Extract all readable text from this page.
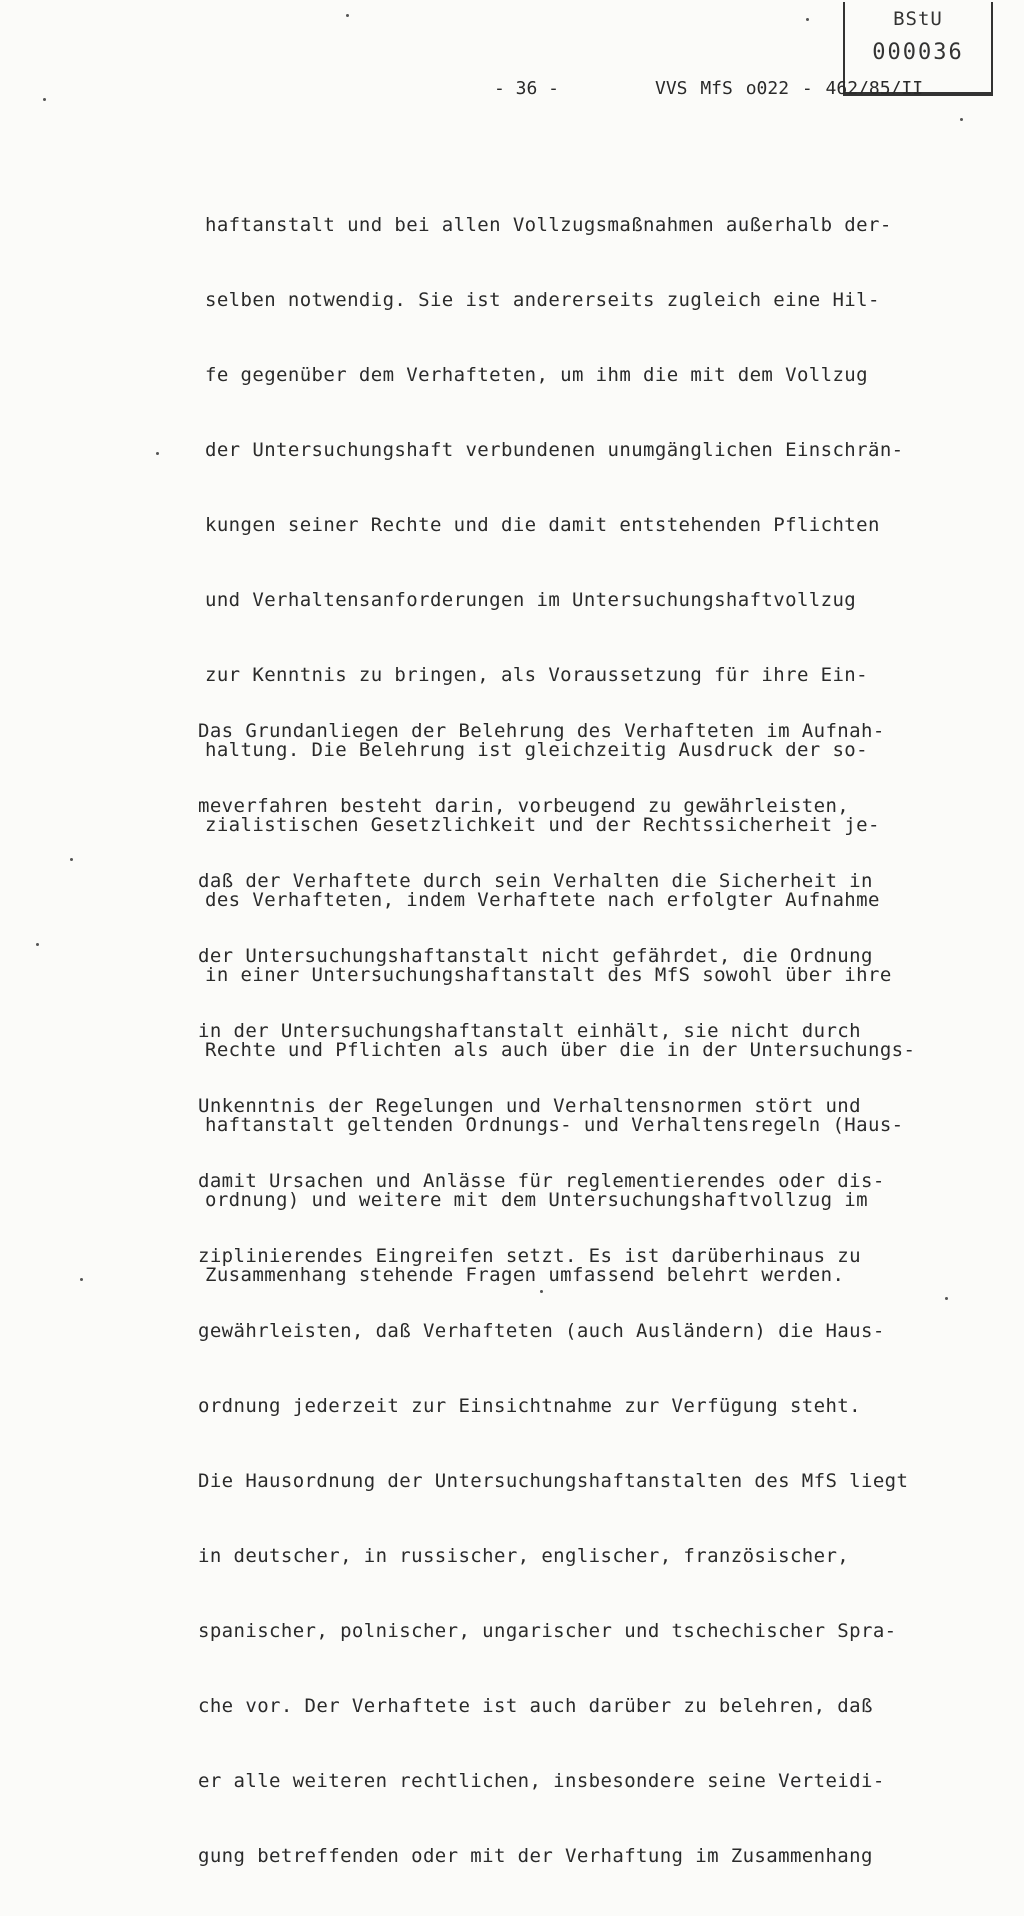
BStU
000036
- 36 -	VVS MfS o022 - 462/85/II

haftanstalt und bei allen Vollzugsmaßnahmen außerhalb der-

selben notwendig. Sie ist andererseits zugleich eine Hil-

fe gegenüber dem Verhafteten, um ihm die mit dem Vollzug

der Untersuchungshaft verbundenen unumgänglichen Einschrän-

kungen seiner Rechte und die damit entstehenden Pflichten

und Verhaltensanforderungen im Untersuchungshaftvollzug

zur Kenntnis zu bringen, als Voraussetzung für ihre Ein-

haltung. Die Belehrung ist gleichzeitig Ausdruck der so-

zialistischen Gesetzlichkeit und der Rechtssicherheit je-

des Verhafteten, indem Verhaftete nach erfolgter Aufnahme

in einer Untersuchungshaftanstalt des MfS sowohl über ihre

Rechte und Pflichten als auch über die in der Untersuchungs-

haftanstalt geltenden Ordnungs- und Verhaltensregeln (Haus-

ordnung) und weitere mit dem Untersuchungshaftvollzug im

Zusammenhang stehende Fragen umfassend belehrt werden.

Das Grundanliegen der Belehrung des Verhafteten im Aufnah-

meverfahren besteht darin, vorbeugend zu gewährleisten,

daß der Verhaftete durch sein Verhalten die Sicherheit in

der Untersuchungshaftanstalt nicht gefährdet, die Ordnung

in der Untersuchungshaftanstalt einhält, sie nicht durch

Unkenntnis der Regelungen und Verhaltensnormen stört und

damit Ursachen und Anlässe für reglementierendes oder dis-

ziplinierendes Eingreifen setzt. Es ist darüberhinaus zu

gewährleisten, daß Verhafteten (auch Ausländern) die Haus-

ordnung jederzeit zur Einsichtnahme zur Verfügung steht.

Die Hausordnung der Untersuchungshaftanstalten des MfS liegt

in deutscher, in russischer, englischer, französischer,

spanischer, polnischer, ungarischer und tschechischer Spra-

che vor. Der Verhaftete ist auch darüber zu belehren, daß

er alle weiteren rechtlichen, insbesondere seine Verteidi-

gung betreffenden oder mit der Verhaftung im Zusammenhang
